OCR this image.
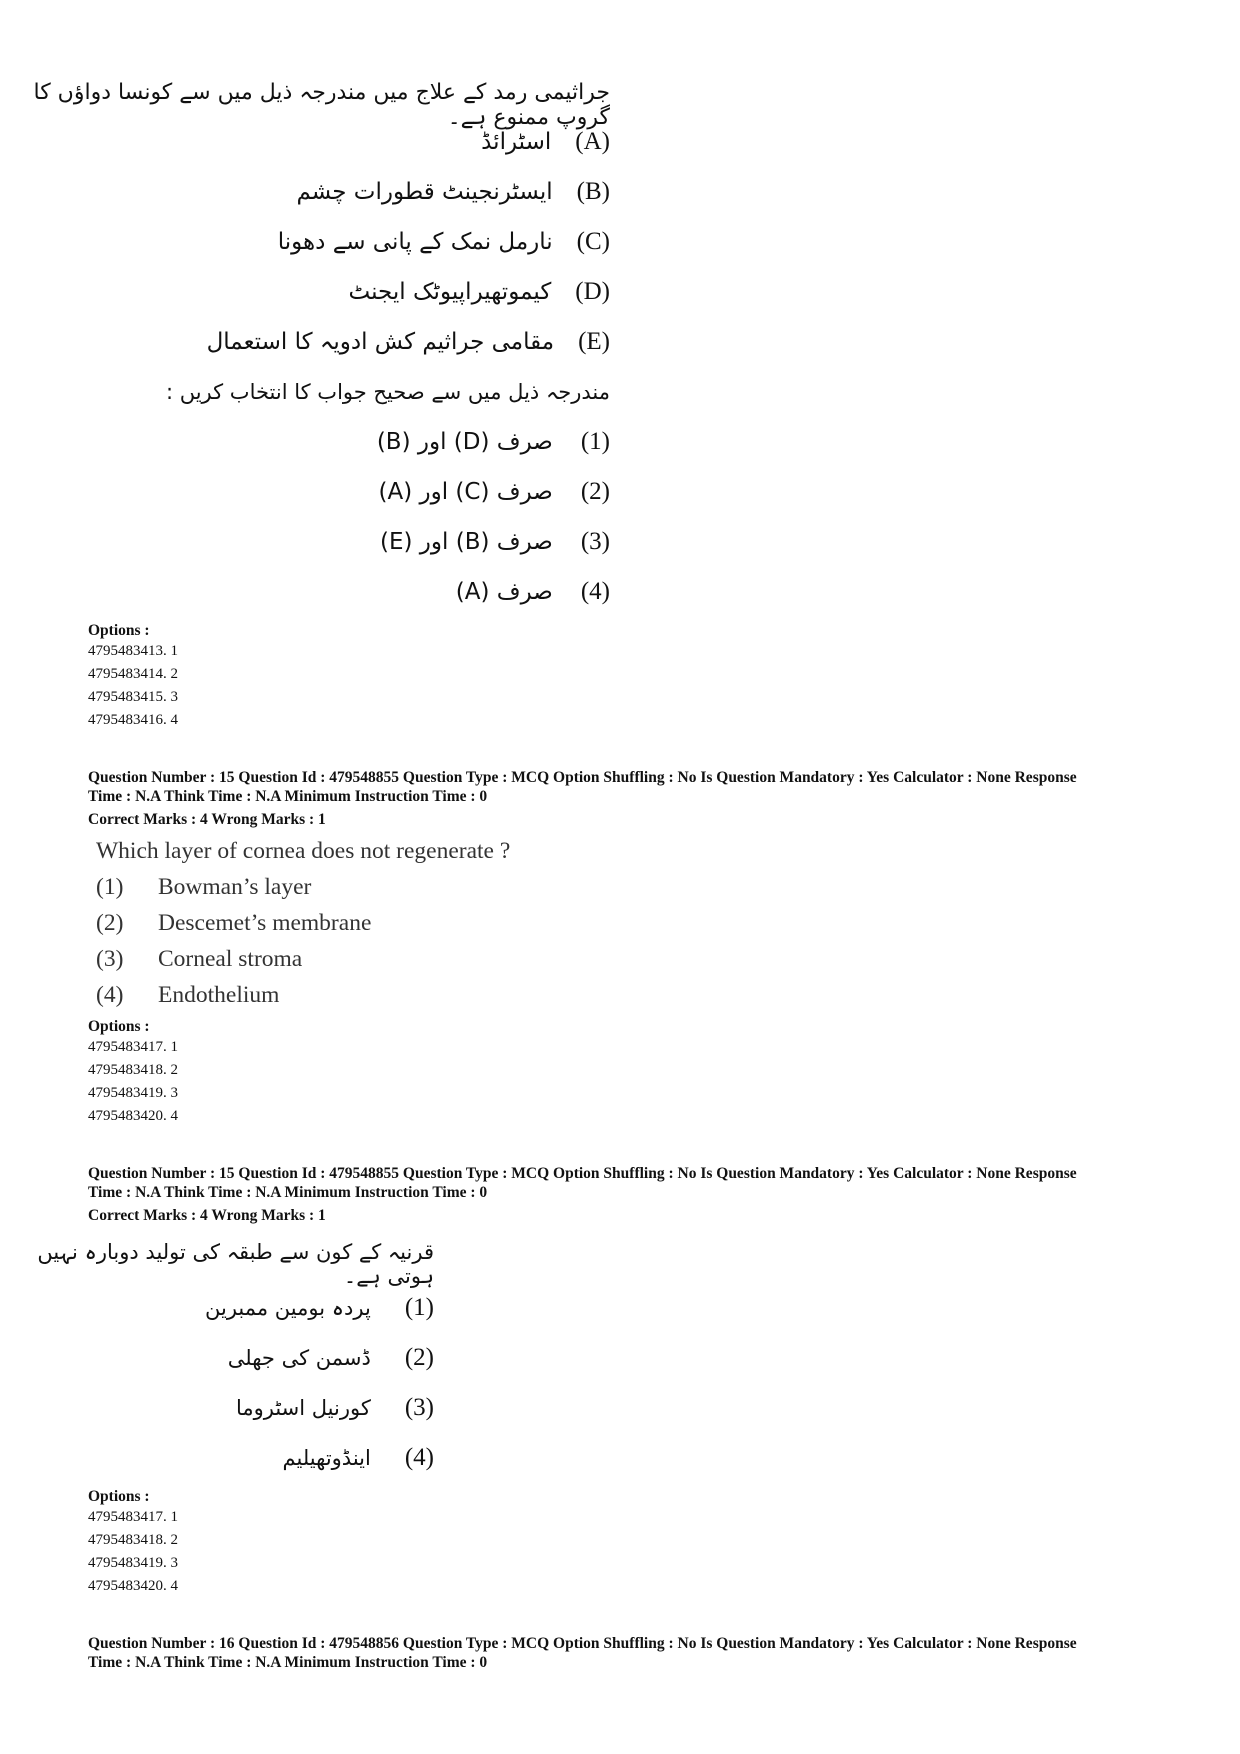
جراثیمی رمد کے علاج میں مندرجہ ذیل میں سے کونسا دواؤں کا گروپ ممنوع ہے۔
اسٹرائڈ (A)
ایسٹرنجینٹ قطورات چشم (B)
نارمل نمک کے پانی سے دھونا (C)
کیموتھیراپیوٹک ایجنٹ (D)
مقامی جراثیم کش ادویہ کا استعمال (E)
مندرجہ ذیل میں سے صحیح جواب کا انتخاب کریں :
صرف (D) اور (B) (1)
صرف (C) اور (A) (2)
صرف (B) اور (E) (3)
صرف (A) (4)
Options :
4795483413. 1
4795483414. 2
4795483415. 3
4795483416. 4
Question Number : 15 Question Id : 479548855 Question Type : MCQ Option Shuffling : No Is Question Mandatory : Yes Calculator : None Response
Time : N.A Think Time : N.A Minimum Instruction Time : 0
Correct Marks : 4 Wrong Marks : 1
Which layer of cornea does not regenerate ?
(1)	Bowman’s layer
(2)	Descemet’s membrane
(3)	Corneal stroma
(4)	Endothelium
Options :
4795483417. 1
4795483418. 2
4795483419. 3
4795483420. 4
Question Number : 15 Question Id : 479548855 Question Type : MCQ Option Shuffling : No Is Question Mandatory : Yes Calculator : None Response
Time : N.A Think Time : N.A Minimum Instruction Time : 0
Correct Marks : 4 Wrong Marks : 1
قرنیہ کے کون سے طبقہ کی تولید دوبارہ نہیں ہوتی ہے۔
پردہ بومین ممبرین (1)
ڈسمن کی جھلی (2)
کورنیل اسٹروما (3)
اینڈوتھیلیم (4)
Options :
4795483417. 1
4795483418. 2
4795483419. 3
4795483420. 4
Question Number : 16 Question Id : 479548856 Question Type : MCQ Option Shuffling : No Is Question Mandatory : Yes Calculator : None Response
Time : N.A Think Time : N.A Minimum Instruction Time : 0
